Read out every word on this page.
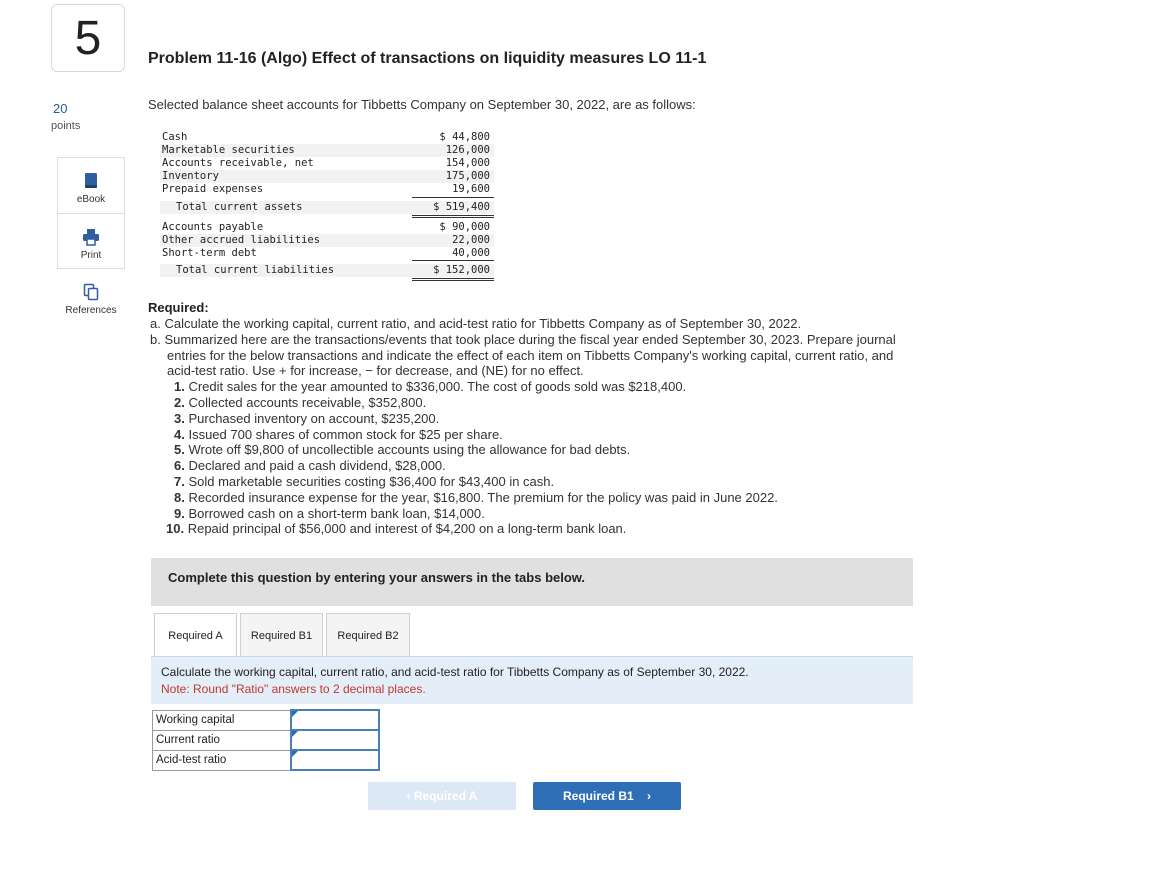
5
20
points
eBook
Print
References
Problem 11-16 (Algo) Effect of transactions on liquidity measures LO 11-1
Selected balance sheet accounts for Tibbetts Company on September 30, 2022, are as follows:
Cash	$ 44,800
Marketable securities	126,000
Accounts receivable, net	154,000
Inventory	175,000
Prepaid expenses	19,600
Total current assets	$ 519,400
Accounts payable	$ 90,000
Other accrued liabilities	22,000
Short-term debt	40,000
Total current liabilities	$ 152,000
Required:

a. Calculate the working capital, current ratio, and acid-test ratio for Tibbetts Company as of September 30, 2022.

b. Summarized here are the transactions/events that took place during the fiscal year ended September 30, 2023. Prepare journal

entries for the below transactions and indicate the effect of each item on Tibbetts Company's working capital, current ratio, and

acid-test ratio. Use + for increase, − for decrease, and (NE) for no effect.

1. Credit sales for the year amounted to $336,000. The cost of goods sold was $218,400.
2. Collected accounts receivable, $352,800.
3. Purchased inventory on account, $235,200.
4. Issued 700 shares of common stock for $25 per share.
5. Wrote off $9,800 of uncollectible accounts using the allowance for bad debts.
6. Declared and paid a cash dividend, $28,000.
7. Sold marketable securities costing $36,400 for $43,400 in cash.
8. Recorded insurance expense for the year, $16,800. The premium for the policy was paid in June 2022.
9. Borrowed cash on a short-term bank loan, $14,000.
10. Repaid principal of $56,000 and interest of $4,200 on a long-term bank loan.
Complete this question by entering your answers in the tabs below.
Required A	Required B1	Required B2
Calculate the working capital, current ratio, and acid-test ratio for Tibbetts Company as of September 30, 2022.
Note: Round "Ratio" answers to 2 decimal places.
Working capital	

Current ratio	

Acid-test ratio	
‹ Required A	Required B1 ›
